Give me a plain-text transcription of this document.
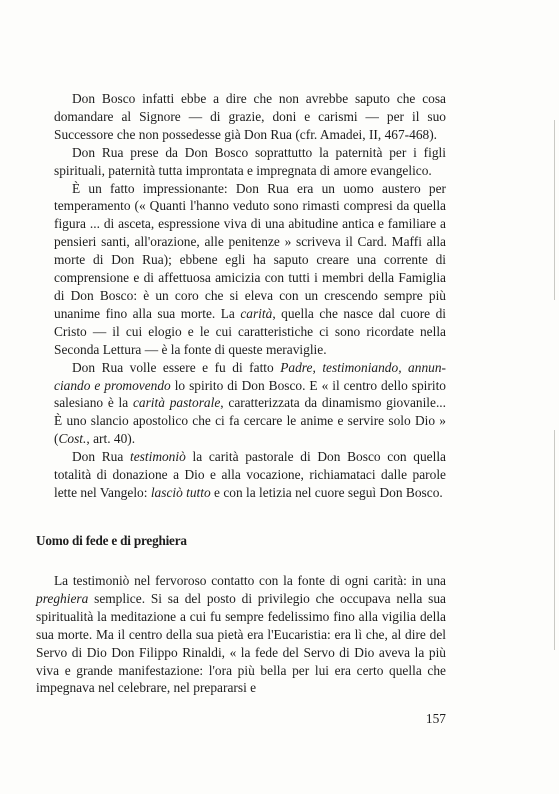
Don Bosco infatti ebbe a dire che non avrebbe saputo che cosa domandare al Signore — di grazie, doni e carismi — per il suo Successore che non possedesse già Don Rua (cfr. Amadei, II, 467-468).

Don Rua prese da Don Bosco soprattutto la paternità per i figli spirituali, paternità tutta improntata e impregnata di amore evangelico.

È un fatto impressionante: Don Rua era un uomo austero per temperamento (« Quanti l'hanno veduto sono rimasti compresi da quella figura ... di asceta, espressione viva di una abitudine antica e familiare a pensieri santi, all'orazione, alle penitenze » scriveva il Card. Maffi alla morte di Don Rua); ebbene egli ha saputo creare una corrente di comprensione e di affettuosa amicizia con tutti i membri della Famiglia di Don Bosco: è un coro che si eleva con un crescendo sempre più unanime fino alla sua morte. La carità, quella che nasce dal cuore di Cristo — il cui elogio e le cui caratteristiche ci sono ricordate nella Seconda Lettura — è la fonte di queste meraviglie.

Don Rua volle essere e fu di fatto Padre, testimoniando, annunciando e promovendo lo spirito di Don Bosco. E « il centro dello spirito salesiano è la carità pastorale, caratterizzata da dinamismo giovanile... È uno slancio apostolico che ci fa cercare le anime e servire solo Dio » (Cost., art. 40).

Don Rua testimoniò la carità pastorale di Don Bosco con quella totalità di donazione a Dio e alla vocazione, richiamataci dalle parole lette nel Vangelo: lasciò tutto e con la letizia nel cuore seguì Don Bosco.

Uomo di fede e di preghiera

La testimoniò nel fervoroso contatto con la fonte di ogni carità: in una preghiera semplice. Si sa del posto di privilegio che occupava nella sua spiritualità la meditazione a cui fu sempre fedelissimo fino alla vigilia della sua morte. Ma il centro della sua pietà era l'Eucaristia: era lì che, al dire del Servo di Dio Don Filippo Rinaldi, « la fede del Servo di Dio aveva la più viva e grande manifestazione: l'ora più bella per lui era certo quella che impegnava nel celebrare, nel prepararsi e

157
